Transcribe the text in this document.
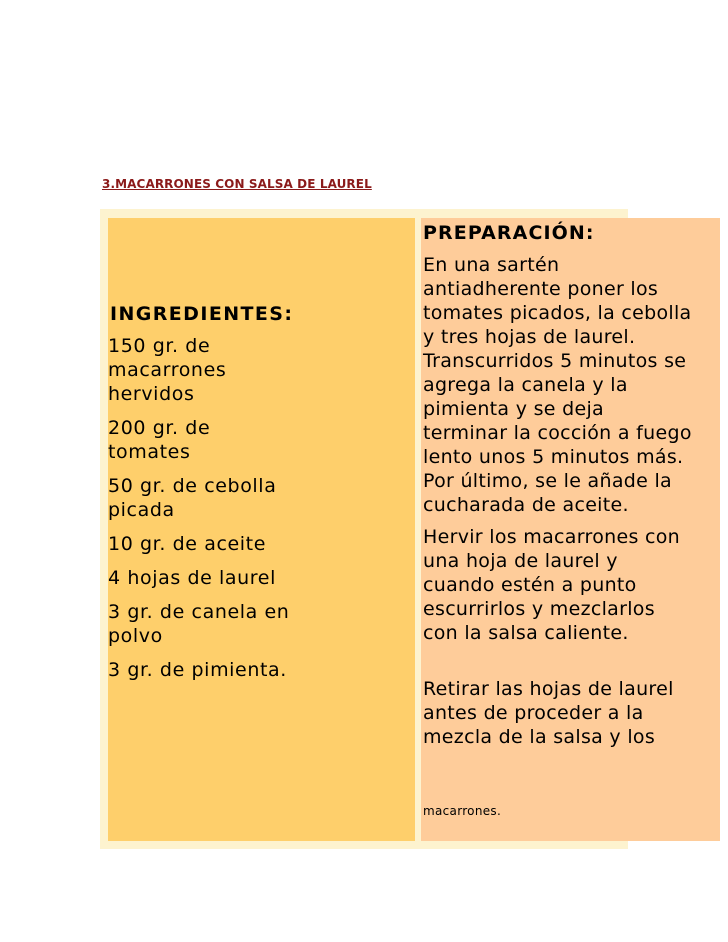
3.MACARRONES CON SALSA DE LAUREL

INGREDIENTES:

150 gr. de
macarrones
hervidos

200 gr. de
tomates

50 gr. de cebolla
picada

10 gr. de aceite

4 hojas de laurel

3 gr. de canela en
polvo

3 gr. de pimienta.

PREPARACIÓN:

En una sartén
antiadherente poner los
tomates picados, la cebolla
y tres hojas de laurel.
Transcurridos 5 minutos se
agrega la canela y la
pimienta y se deja
terminar la cocción a fuego
lento unos 5 minutos más.
Por último, se le añade la
cucharada de aceite.

Hervir los macarrones con
una hoja de laurel y
cuando estén a punto
escurrirlos y mezclarlos
con la salsa caliente.

Retirar las hojas de laurel
antes de proceder a la
mezcla de la salsa y los

macarrones.
